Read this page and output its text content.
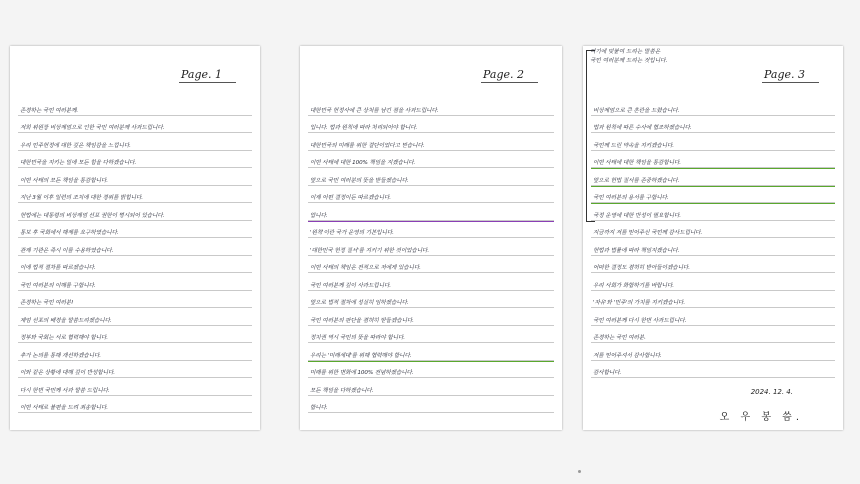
Page. 1
존경하는 국민 여러분께.
저희 위원장 비상계엄으로 인한 국민 여러분께 사과드립니다.
우리 민주헌정에 대한 깊은 책임감을 느낍니다.
대한민국을 지키는 일에 모든 힘을 다하겠습니다.
이번 사태의 모든 책임을 통감합니다.
지난 3월 이후 일련의 조치에 대한 경위를 밝힙니다.
헌법에는 대통령의 비상계엄 선포 권한이 명시되어 있습니다.
통보 후 국회에서 해제를 요구하였습니다.
관계 기관은 즉시 이를 수용하였습니다.
이에 법적 절차를 따르겠습니다.
국민 여러분의 이해를 구합니다.
존경하는 국민 여러분!
계엄 선포의 배경을 말씀드리겠습니다.
정부와 국회는 서로 협력해야 합니다.
추가 논의를 통해 개선하겠습니다.
이와 같은 상황에 대해 깊이 반성합니다.
다시 한번 국민께 사과 말씀 드립니다.
이번 사태로 불편을 드려 죄송합니다.
Page. 2
대한민국 헌정사에 큰 상처를 남긴 점을 사과드립니다.
입니다. 법과 원칙에 따라 처리되어야 합니다.
대한민국의 미래를 위한 결단이었다고 믿습니다.
이번 사태에 대한 100% 책임을 지겠습니다.
앞으로 국민 여러분의 뜻을 받들겠습니다.
이제 어떤 결정이든 따르겠습니다.
압니다.
'원칙'이란 국가 운영의 기본입니다.
'대한민국 헌정 질서'를 지키기 위한 것이었습니다.
이번 사태의 책임은 전적으로 저에게 있습니다.
국민 여러분께 깊이 사과드립니다.
앞으로 법적 절차에 성실히 임하겠습니다.
국민 여러분의 판단을 겸허히 받들겠습니다.
정치권 역시 국민의 뜻을 따라야 합니다.
우리는 '미래세대'를 위해 협력해야 합니다.
미래를 위한 변화에 100% 전념하겠습니다.
모든 책임을 다하겠습니다.
합니다.
Page. 3
비상계엄으로 큰 혼란을 드렸습니다.
법과 원칙에 따른 수사에 협조하겠습니다.
국민께 드린 약속을 지키겠습니다.
이번 사태에 대한 책임을 통감합니다.
앞으로 헌법 질서를 존중하겠습니다.
국민 여러분의 용서를 구합니다.
국정 운영에 대한 반성이 필요합니다.
지금까지 저를 믿어주신 국민께 감사드립니다.
헌법과 법률에 따라 책임지겠습니다.
어떠한 결정도 겸허히 받아들이겠습니다.
우리 사회가 화합하기를 바랍니다.
'자유'와 '민주'의 가치를 지키겠습니다.
국민 여러분께 다시 한번 사과드립니다.
존경하는 국민 여러분.
저를 믿어주셔서 감사합니다.
감사합니다.
2024. 12. 4.
오 우 봉 씀.
여기에 덧붙여 드리는 말씀은
국민 여러분께 드리는 것입니다.
